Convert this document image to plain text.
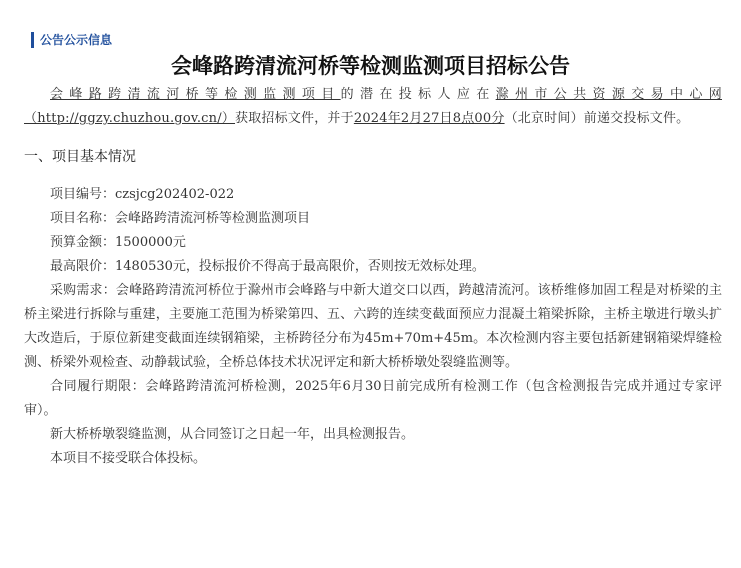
公告公示信息
会峰路跨清流河桥等检测监测项目招标公告

会峰路跨清流河桥等检测监测项目的潜在投标人应在滁州市公共资源交易中心网（http://ggzy.chuzhou.gov.cn/）获取招标文件，并于2024年2月27日8点00分（北京时间）前递交投标文件。

一、项目基本情况

项目编号：czsjcg202402-022

项目名称：会峰路跨清流河桥等检测监测项目

预算金额：1500000元

最高限价：1480530元，投标报价不得高于最高限价，否则按无效标处理。

采购需求：会峰路跨清流河桥位于滁州市会峰路与中新大道交口以西，跨越清流河。该桥维修加固工程是对桥梁的主桥主梁进行拆除与重建，主要施工范围为桥梁第四、五、六跨的连续变截面预应力混凝土箱梁拆除，主桥主墩进行墩头扩大改造后，于原位新建变截面连续钢箱梁，主桥跨径分布为45m+70m+45m。本次检测内容主要包括新建钢箱梁焊缝检测、桥梁外观检查、动静载试验，全桥总体技术状况评定和新大桥桥墩处裂缝监测等。

合同履行期限：会峰路跨清流河桥检测，2025年6月30日前完成所有检测工作（包含检测报告完成并通过专家评审）。

新大桥桥墩裂缝监测，从合同签订之日起一年，出具检测报告。

本项目不接受联合体投标。
